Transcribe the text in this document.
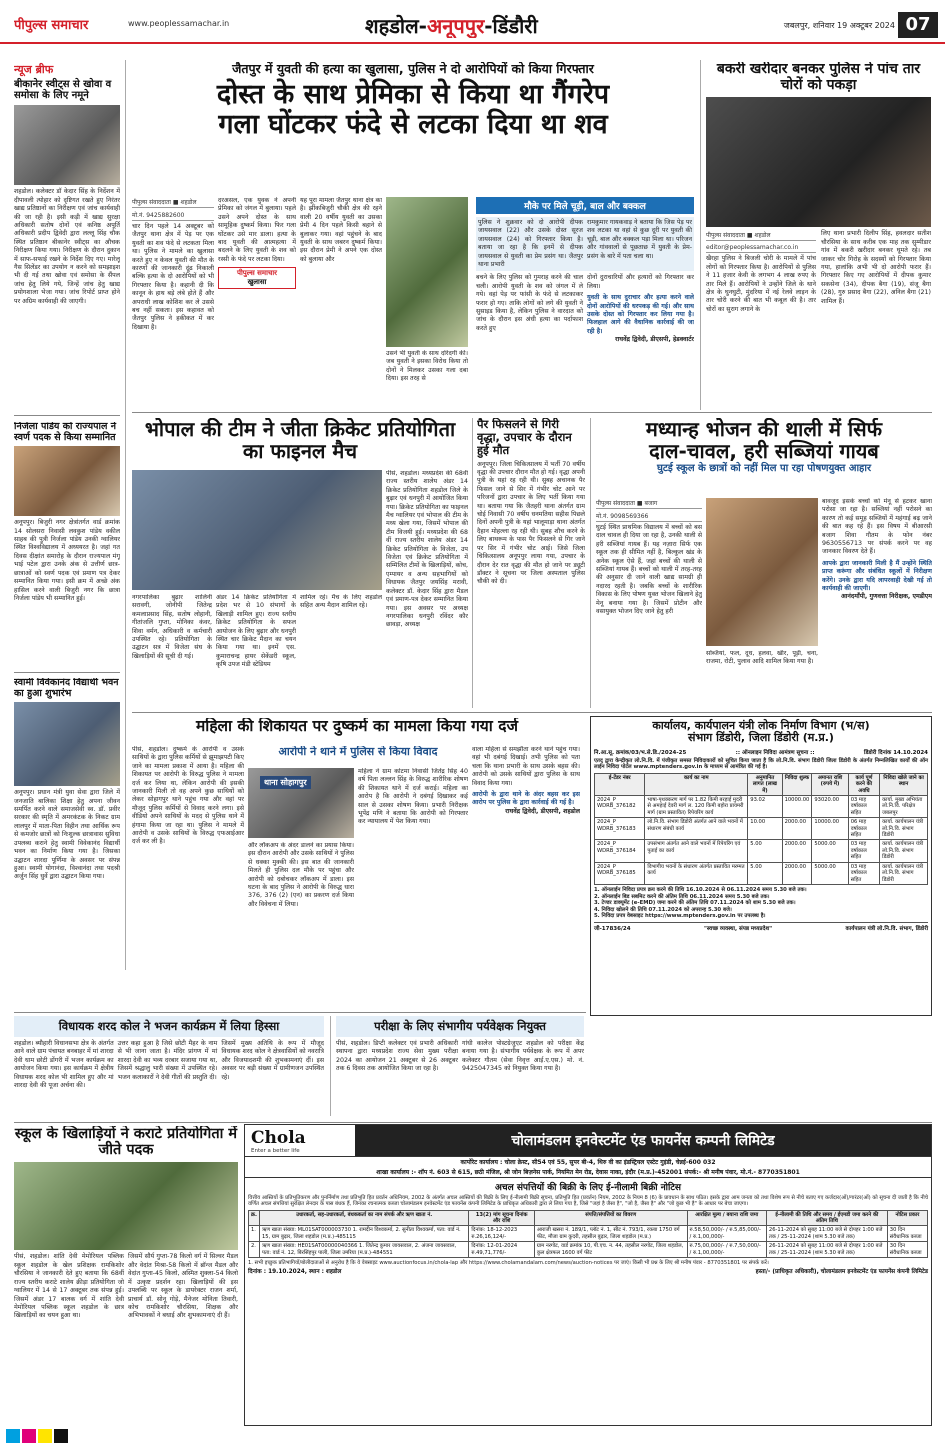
पीपुल्स समाचार	www.peoplessamachar.in	शहडोल-अनूपपुर-डिंडौरी	जबलपुर, शनिवार 19 अक्टूबर 2024 07
न्यूज ब्रीफ
बीकानेर स्वीट्स से खोवा व समोसा के लिए नमूने
शहडोल। कलेक्टर डॉ केदार सिंह के निर्देशन में दीपावली त्योहार को दृष्टिगत रखते हुए निरंतर खाद्य प्रतिष्ठानों का निरीक्षण एवं जांच कार्यवाही की जा रही है। इसी कड़ी में खाद्य सुरक्षा अधिकारी सतोष दोनों एवं कनिष्ठ अपूर्ति अधिकारी प्रदीप द्विवेदी द्वारा लल्लू सिंह चौक स्थित प्रतिष्ठान बीकानेर स्वीट्स का औचक निरीक्षण किया गया। निरीक्षण के दौरान दुकान में साफ-सफाई रखने के निर्देश दिए गए। मारेलू गैस सिलेंडर का उपयोग न करने को समझाइश भी दी गई तथा खोवा एवं समोसा के सैंपल जांच हेतु लिये गये, जिन्हें जांच हेतु खाद्य प्रयोगशाला भेजा गया। जांच रिपोर्ट प्राप्त होने पर अग्रिम कार्यवाही की जाएगी।
निर्जला पांडेय को राज्यपाल ने स्वर्ण पदक से किया सम्मानित
अनूपपुर। बिजुरी नगर क्षेत्रांतर्गत वार्ड क्रमांक 14 सोलसरा निवासी लवकुश पांडेय वकील साहब की पुत्री निर्जला पांडेय उनकी ग्वालियर स्थित विश्वविद्यालय में अध्ययरत है। जहां गत दिवस दीक्षांत समारोह के दौरान राज्यपाल मंगू भाई पटेल द्वारा उनके अंक से उत्तीर्ण छात्र-छात्राओं को स्वर्ण पदक एवं प्रमाण पत्र देकर सम्मानित किया गया। इसी क्रम में अच्छे अंक हासिल करने वाली बिजुरी नगर कि छात्रा निर्जला पांडेय भी सम्मानित हुई।
स्वामी विवेकानंद विद्यार्थी भवन का हुआ शुभारंभ
अनूपपुर। प्रधान मंत्री युवा सेवा द्वारा जिले में जनजाति बालिका शिक्षा हेतु अपना जीवन समर्पित करने वाले समाजसेवी स्व. डॉ. प्रवीर सरकार की स्मृति में अमरकंटक के निकट ग्राम लालपुर में माता-पिता विहीन तथा आर्थिक रूप से कमजोर छात्रों को निःशुल्क छात्रावास सुविधा उपलब्ध कराने हेतु स्वामी विवेकानंद विद्यार्थी भवन का निर्माण किया गया है। जिसका उद्घाटन शारदा पूर्णिमा के अवसर पर संपन्न हुआ। स्वामी योगानंदा, विश्वानंदा तथा पदश्री अर्जुन सिंह धुर्वे द्वारा उद्घाटन किया गया।
जैतपुर में युवती की हत्या का खुलासा, पुलिस ने दो आरोपियों को किया गिरफ्तार
दोस्त के साथ प्रेमिका से किया था गैंगरेप
गला घोंटकर फंदे से लटका दिया था शव
पीपुल्स संवाददाता ■ शहडोल
मो.नं. 9425882600
चार दिन पहले 14 अक्टूबर को जैतपुर थाना क्षेत्र में पेड़ पर एक युवती का शव फंदे से लटकता मिला था। पुलिस ने मामले का खुलासा करते हुए न केवल युवती की मौत के कारणों की जानकारी दूंढ निकाली बल्कि हत्या के दो आरोपियों को भी गिरफ्तार किया है। कहानी दी कि कानून के हाथ बड़े लंबे होते हैं और अपराधी लाख कोशिश कर ले उससे बच नहीं सकता। इस कहावत को जैतपुर पुलिस ने हकीकत में कर दिखाया है।
दरअसल, एक युवक ने अपनी प्रेमिका को जंगल में बुलाया। पहले उसने अपने दोस्त के साथ सामूहिक दुष्कर्म किया। फिर गला घोंटकर उसे मार डाला। हत्या के बाद युवती की आत्महत्या में बदलने के लिए युवती के शव को रस्सी के फंदे पर लटका दिया।
पीपुल्स समाचार
खुलासा
यह पूरा मामला जैतपुर थाना क्षेत्र का है। झींकबिजुरी चौकी क्षेत्र की रहने वाली 20 वर्षीय युवती का उसका प्रेमी 4 दिन पहले किसी बहाने से बुलाकर गया। वहां पहुंचने के बाद युवती के साथ जबरन दुष्कर्म किया। इस दौरान प्रेमी ने अपने एक दोस्त को बुलाया और
उसने भी युवती के साथ दरिंदगी की। जब युवती ने इसका विरोध किया तो दोनों ने मिलकर उसका गला दबा दिया। इस तरह से
मौके पर मिले चूड़ी, बाल और बक्कल
पुलिस ने शुक्रवार को दो आरोपी दीपक जायसवाल (22) और उसके दोस्त सूरज जायसवाल (24) को गिरफ्तार किया है। बताया जा रहा है कि इनमें से दीपक जायसवाल से युवती का प्रेम प्रसंग था। जैतपुर थाना प्रभारी
रामकुमार गायकवाड़ ने बताया कि जिस पेड़ पर शव लटका था वहां से कुछ दूरी पर युवती की चूड़ी, बाल और बक्कल पड़ा मिला था। परिजन और गांववालों से पूछताछ में युवती के प्रेम-प्रसंग के बारे में पता चला था।
बचने के लिए पुलिस को गुमराह करने की चाल चली। आरोपी युवती के शव को जंगल में ले गये। वहां पेड़ पर फांसी के फंदे से लटकाकर फरार हो गए। ताकि लोगों को लगे की युवती ने सुसाइड किया है, लेकिन पुलिस ने वारदात को जांच के दौरान इस अंधी हत्या का पर्दाफाश करते हुए
दोनों दुराचारियों और हत्यारों को गिरफ्तार कर लिया।
युवती के साथ दुराचार और हत्या करने वाले दोनों आरोपियों की धरपकड़ की गई। और साथ उसके दोस्त को गिरफ्तार कर लिया गया है। फिलहाल आगे की वैधानिक कार्रवाई की जा रही है।
राघवेंद्र द्विवेदी, डीएसपी, हेडक्वार्टर
बकरी खरीदार बनकर पुलिस ने पांच तार चोरों को पकड़ा
पीपुल्स संवाददाता ■ शहडोल
editor@peoplessamachar.co.in
खैरहा पुलिस ने बिजली चोरी के मामले में पांच लोगों को गिरफ्तार किया है। आरोपियों से पुलिस ने 11 हजार केवी के लगभग 4 लाख रुपए के तार मिले हैं। आरोपियों ने उन्होंने जिले के थाने क्षेत्र के घुनघुटी, मुंदरिया में नई रेलवे लाइन के तार चोरी करने की बात भी कबूल की है। तार चोरों का सुराग लगाने के
लिए थाना प्रभारी दिलीप सिंह, हवलदार सतीश चौरसिया के साथ करीब एक माह तक सुम्मीडार गांव में बकरी खरीदार बनकर घूमते रहे। तब जाकर चोर गिरोह के सदस्यों को गिरफ्तार किया गया, हालांकि अभी भी दो आरोपी फरार हैं। गिरफ्तार किए गए आरोपियों में दीपक कुमार सकसेना (34), दीपक बैगा (19), संजू बैगा (28), गुरु प्रसाद बैगा (22), अनिल बैगा (21) शामिल हैं।
भोपाल की टीम ने जीता क्रिकेट प्रतियोगिता का फाइनल मैच
पीसं, शहडोल। मध्यप्रदेश की 68वीं राज्य स्तरीय शालेय अंडर 14 क्रिकेट प्रतियोगिता शहडोल जिले के बुढ़ार एवं धनपुरी में आयोजित किया गया। क्रिकेट प्रतियोगिता का फाइनल मैच ग्वालियर एवं भोपाल की टीम के मध्य खेला गया, जिसमें भोपाल की टीम विजयी हुई। मध्यप्रदेश की 68 वीं राज्य स्तरीय शालेय अंडर 14 क्रिकेट प्रतियोगिता के विजेता, उप विजेता एवं क्रिकेट प्रतियोगिता में सम्मिलित टीमों के खिलाड़ियों, कोच, एम्पायर व अन्य सहभागियों को विधायक जैतपुर जयसिंह मरावी, कलेक्टर डॉ. केदार सिंह द्वारा मैडल एवं प्रमाण-पत्र देकर सम्मानित किया गया। इस अवसर पर अध्यक्ष नगरपालिका धनपुरी रविंदर कौर छावड़ा, अध्यक्ष
नगरपालिका बुढ़ार शालिनी सरावगी, जोनीपी जितेन्द्र कमलाप्रसाद सिंह, सतोष लोहानी, गीतांजलि गुप्ता, मोनिका कंवर, शिवा वर्मन, अधिकारी व कर्मचारी उपस्थित रहे। प्रतियोगिता के उद्घाटन सत्र में विजेता संघ के खिलाड़ियों की सूची दी गई।
अंडर 14 क्रिकेट प्रतियोगिता में प्रदेश भर से 10 संभागों के खिलाड़ी शामिल हुए। राज्य स्तरीय क्रिकेट प्रतियोगिता के सफल आयोजन के लिए बुढ़ार और धनपुरी स्थित चार क्रिकेट मैदान का चयन किया गया था। इनमें एस. कुमाराचन्द्र हायर सेकेंडरी स्कूल, कृषि उपज मंडी स्टेडियम
शामिल रहे। मैच के लिए शहडोल सहित अन्य मैदान शामिल रहे।
पैर फिसलने से गिरी वृद्धा, उपचार के दौरान हुई मौत
अनूपपुर। जिला चिकित्सालय में भर्ती 70 वर्षीय वृद्धा की उपचार दौरान मौत हो गई। वृद्धा अपनी पुत्री के यहां रह रही थी। सुबह अचानक पैर फिसल जाने से सिर में गंभीर चोट आने पर परिजनों द्वारा उपचार के लिए भर्ती किया गया था। बताया गया कि जैतहरी थाना अंतर्गत ग्राम चोई निवासी 70 वर्षीय धनमतिया सहीस पिछले दिनों अपनी पुत्री के यहां भालूमाड़ा थाना अंतर्गत दैहान मोहल्ला रह रही थी। सुबह शौच करने के लिए बाथरूम के पास पैर फिसलने से गिर जाने पर सिर में गंभीर चोट आई। जिसे जिला चिकित्सालय अनूपपुर लाया गया, उपचार के दौरान देर रात वृद्धा की मौत हो जाने पर ड्यूटी डॉक्टर ने सूचना पर जिला अस्पताल पुलिस चौकी को दी।
मध्यान्ह भोजन की थाली में सिर्फ
दाल-चावल, हरी सब्जियां गायब
घुटई स्कूल के छात्रों को नहीं मिल पा रहा पोषणयुक्त आहार
पीपुल्स संवाददाता ■ बजाग
मो.नं. 9098569366
घुटई स्थित प्राथमिक विद्यालय में बच्चों को बस दाल चावल ही दिया जा रहा है, उनकी थाली से हरी सब्जियां गायब हैं। यह नज़ारा सिर्फ एक स्कूल तक ही सीमित नहीं है, बिल्कुल खंड के अनेक स्कूल ऐसे हैं, जहां बच्चों की थाली से सब्जियां गायब हैं। बच्चों को थाली में तरह-तरह की अनुसार दी जाने वाली खाद्य सामग्री ही नदारद रहती है। जबकि बच्चों के शारीरिक विकास के लिए पोषण युक्त भोजन खिलाने हेतु मेनू बनाया गया है। जिसमें प्रोटीन और वसायुक्त भोजन दिए जाने हेतु हरी
सब्जियां, फल, दूध, हलवा, खीर, पूड़ी, चना, राजमा, रोटी, पुलाव आदि शामिल किया गया है।
बावजूद इसके बच्चों को मेनू से हटकर खाना परोसा जा रहा है। सब्जियां नहीं परोसने का कारण तो कई समूह सब्जियों में महंगाई बढ़ जाने की बात कह रहे हैं। इस विषय में बीआरसी बजाग शिवा गौतम के फोन नंबर 9630556713 पर संपर्क करने पर वह जानकार विवरण देते हैं।
आपके द्वारा जानकारी मिली है मैं उन्होंने स्थिति प्राप्त करूंगा और संबंधित स्कूलों में निरीक्षण करेंगे। उनके द्वारा यदि लापरवाही देखी गई तो कार्यवाही की जाएगी।
आनंदमाँपी, गुणवत्ता निरीक्षक, एमडीएम
महिला की शिकायत पर दुष्कर्म का मामला किया गया दर्ज
पीसं, शहडोल। दुष्कर्म के आरोपी व उसके साथियों के द्वारा पुलिस कर्मियों से झूमाझपटी किए जाने का मामला प्रकाश में आया है। महिला की शिकायत पर आरोपी के विरुद्ध पुलिस ने मामला दर्ज कर लिया था, लेकिन आरोपी की इसकी जानकारी मिली तो वह अपने कुछ साथियों को लेकर सोहागपुर थाने पहुंच गया और वहां पर मौजूद पुलिस कर्मियों से विवाद करने लगा। इसे वीडियो अपने साथियों के मदद से पुलिस थाने में हंगामा किया जा रहा था। पुलिस ने मामले में आरोपी व उसके साथियों के विरुद्ध एफआईआर दर्ज कर ली है।
आरोपी ने थाने में पुलिस से किया विवाद
थाना सोहागपुर
और लॉकअप के अंदर डालने का प्रयास किया। इस दौरान आरोपी और उसके साथियों ने पुलिस से धक्का मुक्की की। इस बात की जानकारी मिलते ही पुलिस दल मौके पर पहुंचा और आरोपी को दबोचकर लॉकअप में डाला। इस घटना के बाद पुलिस ने आरोपी के विरुद्ध धारा 376, 376 (2) (एन) का प्रकरण दर्ज किया और विवेचना में लिया।
महिला ने ग्राम कोटमा निवासी जितेंद्र सिंह 40 वर्ष पिता लल्लन सिंह के विरुद्ध शारीरिक शोषण की शिकायत थाने में दर्ज कराई। महिला का आरोप है कि आरोपी ने दबंगई दिखाकर कई साल से उसका शोषण किया। प्रभारी निरीक्षक भूपेंद्र मणि ने बताया कि आरोपी को गिरफ्तार कर न्यायालय में पेश किया गया।
वाला महिला से समझौता करने थाने पहुंच गया। वहां भी दबंगई दिखाई। तभी पुलिस को पता चला कि थाना प्रभारी के साथ उसके बहस की। आरोपी को उसके साथियों द्वारा पुलिस के साथ विवाद किया गया।
आरोपी के द्वारा थाने के अंदर बहस कर इस आरोप पर पुलिस के द्वारा कार्रवाई की गई है।
राघवेंद्र द्विवेदी, डीएसपी, शहडोल
कार्यालय, कार्यपालन यंत्री लोक निर्माण विभाग (भ/स)
संभाग डिंडोरी, जिला डिंडोरी (म.प्र.)
नि.आ.सू. क्रमांक/03/भ.से.डि./2024-25	:: ऑनलाइन निविदा आमंत्रण सूचना ::	डिंडोरी दिनांक 14.10.2024
एतद् द्वारा केन्द्रीकृत लो.नि.वि. में पंजीकृत समस्त निविदाकारों को सूचित किया जाता है कि लो.नि.वि. संभाग डिंडोरी जिला डिंडोरी के अंतर्गत निम्नलिखित कार्यों की ऑन लाईन निविदा पोर्टल www.mptenders.gov.in के माध्यम से आमंत्रित की गई है।
ई-टेंडर नंबर	कार्य का नाम	अनुमानित लागत (लाख में)	निविदा शुल्क	अमानत राशि (रुपये में)	कार्य पूर्ण करने की अवधि	निविदा खोले जाने का स्थान
2024_P WDRB_376182	भाषा-पृथक्करण मार्ग पर 1.82 किमी बरहाई मुदरी से अमहाई देवरी मार्ग ल. 120 किमी बहोरा प्रायमरी मार्ग (ग्राम प्रस्तावित) रिपेयरिंग कार्य	93.02	10000.00	93020.00	03 माह वर्षाकाल सहित	कार्या. मुख्य अभियंता लो.नि.वि. परिक्षेत्र जबलपुर
2024_P WDRB_376183	लो.नि.वि. संभाग डिंडोरी अंतर्गत आने वाले भवनों में संधारण संबंधी कार्य	10.00	2000.00	10000.00	06 माह वर्षाकाल सहित	कार्या. कार्यपालन यंत्री लो.नि.वि. संभाग डिंडोरी
2024_P WDRB_376184	उपसंभाग अंतर्गत आने वाले भवनों में रिपेयरिंग एवं पुताई का कार्य	5.00	2000.00	5000.00	03 माह वर्षाकाल सहित	कार्या. कार्यपालन यंत्री लो.नि.वि. संभाग डिंडोरी
2024_P WDRB_376185	विभागीय भवनों के संधारण अंतर्गत प्रस्तावित मरम्मत कार्य	5.00	2000.00	5000.00	03 माह वर्षाकाल सहित	कार्या. कार्यपालन यंत्री लो.नि.वि. संभाग डिंडोरी
1. ऑनलाईन निविदा प्रपत्र क्रय करने की तिथि 16.10.2024 से 06.11.2024 समय 5.30 बजे तक।
2. ऑनलाईन बिड सबमिट करने की अंतिम तिथि 06.11.2024 समय 5.30 बजे तक।
3. टेण्डर डाक्यूमेंट (e-EMD) जमा करने की अंतिम तिथि 07.11.2024 को शाम 5.30 बजे तक।
4. निविदा खोलने की तिथि 07.11.2024 को अपरान्ह 5.30 बजे।
5. निविदा प्रपत्र वेबसाइट https://www.mptenders.gov.in पर उपलब्ध है।
जी-17836/24	"स्वच्छ व्यवस्था, संपन्न मध्यप्रदेश"	कार्यपालन यंत्री लो.नि.वि. संभाग, डिंडोरी
विधायक शरद कोल ने भजन कार्यक्रम में लिया हिस्सा
शहडोल। ब्यौहारी विधानसभा क्षेत्र के अंतर्गत आने वाले ग्राम पंचायत बनबाहर में मां शारदा देवी धाम छोटी डोंगरी में भजन कार्यक्रम का आयोजन किया गया। इस कार्यक्रम में क्षेत्रीय विधायक शरद कोल भी शामिल हुए और मां शारदा देवी की पूजा अर्चना की।
उत्तर कहा हुआ है जिसे छोटी मैहर के नाम से भी जाना जाता है। मंदिर प्रांगण में मां शारदा देवी का भव्य दरबार सजाया गया था, जिसमें श्रद्धालु भारी संख्या में उपस्थित रहे। भजन कलाकारों ने देवी गीतों की प्रस्तुति दी।
जिसमें मुख्य अतिथि के रूप में मौजूद विधायक शरद कोल ने क्षेत्रवासियों को नवरात्रि और विजयादशमी की शुभकामनाएं दीं। इस अवसर पर बड़ी संख्या में ग्रामीणजन उपस्थित रहे।
परीक्षा के लिए संभागीय पर्यवेक्षक नियुक्त
पीसं, शहडोल। डिप्टी कलेक्टर एवं प्रभारी अधिकारी स्थापना द्वारा मध्यप्रदेश राज्य सेवा मुख्य परीक्षा 2024 का आयोजन 21 अक्टूबर से 26 अक्टूबर तक 6 दिवस तक आयोजित किया जा रहा है।
गांधी कालेज पोस्टग्रेजुएट शहडोल को परीक्षा केंद्र बनाया गया है। संभागीय पर्यवेक्षक के रूप में अपर कलेक्टर गौतम (सेवा निवृत्त आई.ए.एस.) मो. नं. 9425047345 को नियुक्त किया गया है।
स्कूल के खिलाड़ियों ने कराटे प्रतियोगिता में जीते पदक
पीसं, शहडोल। शांति देवी मेमोरियल पब्लिक स्कूल शहडोल के खेल प्रशिक्षक रामकिशोर चौरसिया ने जानकारी देते हुए बताया कि 68वीं राज्य स्तरीय कराटे शालेय क्रीड़ा प्रतियोगिता जो ग्वालियर में 14 से 17 अक्टूबर तक संपन्न हुई। जिसमें अंडर 17 बालक वर्ग में शांति देवी मेमोरियल पब्लिक स्कूल शहडोल के छात्र खिलाड़ियों का चयन हुआ था।
जिसमें सौर्य गुप्ता-78 किलो वर्ग में सिल्वर मैडल और वेदांत मिश्रा-58 किलो में ब्रॉन्ज मैडल और वेदांत गुप्ता-45 किलो, अस्मित शुक्ला-54 किलो में उत्कृष्ट प्रदर्शन रहा। खिलाड़ियों की इस उपलब्धि पर स्कूल के डायरेक्टर राजन शर्मा, प्राचार्य डॉ. सोनू गोड़े, मैनेजर मोनिता तिवारी, कोच रामकिशोर चौरसिया, शिक्षक और अभिभावकों ने बधाई और शुभकामनाएं दी हैं।
Chola
Enter a better life
चोलामंडलम इनवेस्टमेंट एंड फायनेंस कम्पनी लिमिटेड
कार्पोरेट कार्यालय : चोला क्रेस्ट, सी54 एवं 55, सुपर बी-4, थिरु वी का इंडस्ट्रियल एस्टेट गुइंडी, चेन्नई-600 032
शाखा कार्यालय :- शॉप नं. 603 से 615, छठी मंजिल, श्री जोन बिज़नेस पार्क, नियमित मेन रोड, देवास नाका, इंदौर (म.प्र.)-452001 संपर्क:- श्री मनीष पंवार, मो.नं.- 8770351801
अचल संपत्तियों की बिक्री के लिए ई-नीलामी बिक्री नोटिस
वित्तीय आस्तियों के प्रतिभूतिकरण और पुनर्निर्माण तथा प्रतिभूति हित प्रवर्तन अधिनियम, 2002 के अंतर्गत अचल आस्तियों की बिक्री के लिए ई-नीलामी बिक्री सूचना, प्रतिभूति हित (प्रवर्तन) नियम, 2002 के नियम 8 (6) के प्रावधान के साथ पठित। इसके द्वारा आम जनता को तथा विशेष रूप से नीचे बताए गए कर्जदार(ओं)/गारंटर(ओं) को सूचना दी जाती है कि नीचे वर्णित अचल संपत्तियां सुरक्षित लेनदार के पास बंधक हैं, जिनका रचनात्मक कब्जा चोलामंडलम इनवेस्टमेंट एंड फायनेंस कंपनी लिमिटेड के प्राधिकृत अधिकारी द्वारा ले लिया गया है, जिसे "जहां है जैसा है", "जो है, जैसा है" और "जो कुछ भी है" के आधार पर बेचा जाएगा।
क्र.	उधारकर्ता, सह-उधारकर्ता, बंधककर्ता का नाम संपर्क और ऋण खाता नं.	13(2) मांग सूचना दिनांक और राशि	संपत्ति/संपत्तियों का विवरण	आरक्षित मूल्य / बयाना राशि जमा	ई-नीलामी की तिथि और समय / ईएमडी जमा करने की अंतिम तिथि	नोटिस प्रकार
1.	ऋण खाता संख्या: ML01SAT000003730 1. रामदीन विश्वकर्मा, 2. सुनीता विश्वकर्मा, पता: वार्ड नं. 15, ग्राम बुढ़ार, जिला शहडोल (म.प्र.)-485115	दिनांक: 18-12-2023 रु.26,16,124/-	आराजी खसरा नं. 189/1, प्लॉट नं. 1, सीट नं. 793/1, रकबा 1750 वर्ग फीट, मौजा ग्राम कुदरी, तहसील बुढ़ार, जिला शहडोल (म.प्र.)	रु.58,50,000/- / रु.5,85,000/- / रु.1,00,000/-	26-11-2024 को सुबह 11:00 बजे से दोपहर 1:00 बजे तक / 25-11-2024 (शाम 5.30 बजे तक)	30 दिन संवैधानिक कब्जा
2.	ऋण खाता संख्या: HE01SAT00000040366 1. जितेन्द्र कुमार जायसवाल, 2. अंजना जायसवाल, पता: वार्ड नं. 12, बिरसिंहपुर पाली, जिला उमरिया (म.प्र.)-484551	दिनांक: 12-01-2024 रु.49,71,776/-	ग्राम नरगोट, वार्ड क्रमांक 10, पी.एच. न. 44, तहसील नरगोट, जिला शहडोल, कुल क्षेत्रफल 1600 वर्ग फीट	रु.75,00,000/- / रु.7,50,000/- / रु.1,00,000/-	26-11-2024 को सुबह 11:00 बजे से दोपहर 1:00 बजे तक / 25-11-2024 (शाम 5.30 बजे तक)	30 दिन संवैधानिक कब्जा
1. सभी इच्छुक प्रतिभागियों/बोलीदाताओं से अनुरोध है कि वे वेबसाइट www.auctionfocus.in/chola-lap और https://www.cholamandalam.com/news/auction-notices पर जाएं। किसी भी प्रश्न के लिए श्री मनीष पंवार - 8770351801 पर संपर्क करें।
दिनांक : 19.10.2024, स्थान : शहडोल	हस्ता/- (प्राधिकृत अधिकारी), चोलामंडलम इनवेस्टमेंट एंड फायनेंस कंपनी लिमिटेड
